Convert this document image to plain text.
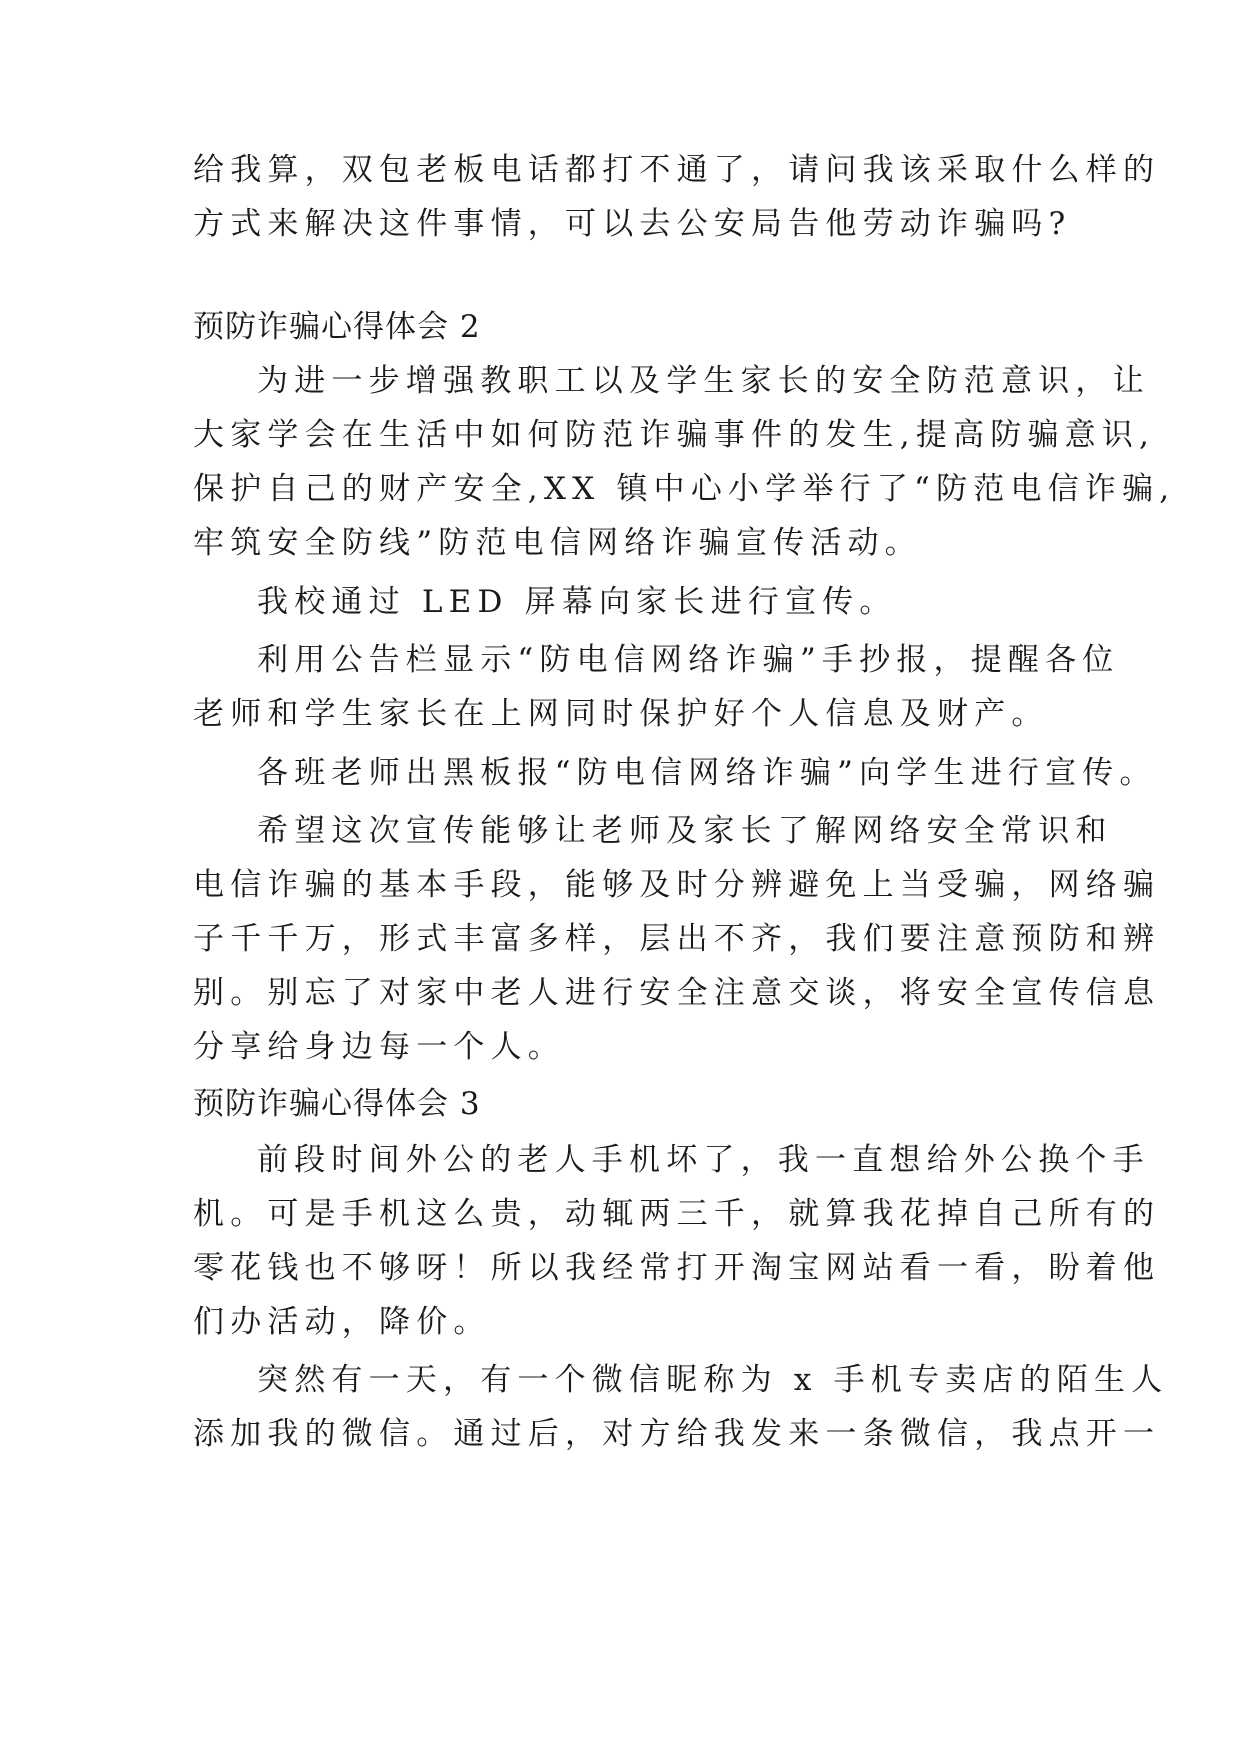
给我算，双包老板电话都打不通了，请问我该采取什么样的
方式来解决这件事情，可以去公安局告他劳动诈骗吗?
预防诈骗心得体会 2
为进一步增强教职工以及学生家长的安全防范意识，让
大家学会在生活中如何防范诈骗事件的发生,提高防骗意识,
保护自己的财产安全,XX 镇中心小学举行了“防范电信诈骗,
牢筑安全防线”防范电信网络诈骗宣传活动。
我校通过 LED 屏幕向家长进行宣传。
利用公告栏显示“防电信网络诈骗”手抄报，提醒各位
老师和学生家长在上网同时保护好个人信息及财产。
各班老师出黑板报“防电信网络诈骗”向学生进行宣传。
希望这次宣传能够让老师及家长了解网络安全常识和
电信诈骗的基本手段，能够及时分辨避免上当受骗，网络骗
子千千万，形式丰富多样，层出不齐，我们要注意预防和辨
别。别忘了对家中老人进行安全注意交谈，将安全宣传信息
分享给身边每一个人。
预防诈骗心得体会 3
前段时间外公的老人手机坏了，我一直想给外公换个手
机。可是手机这么贵，动辄两三千，就算我花掉自己所有的
零花钱也不够呀！所以我经常打开淘宝网站看一看，盼着他
们办活动，降价。
突然有一天，有一个微信昵称为 x 手机专卖店的陌生人
添加我的微信。通过后，对方给我发来一条微信，我点开一
